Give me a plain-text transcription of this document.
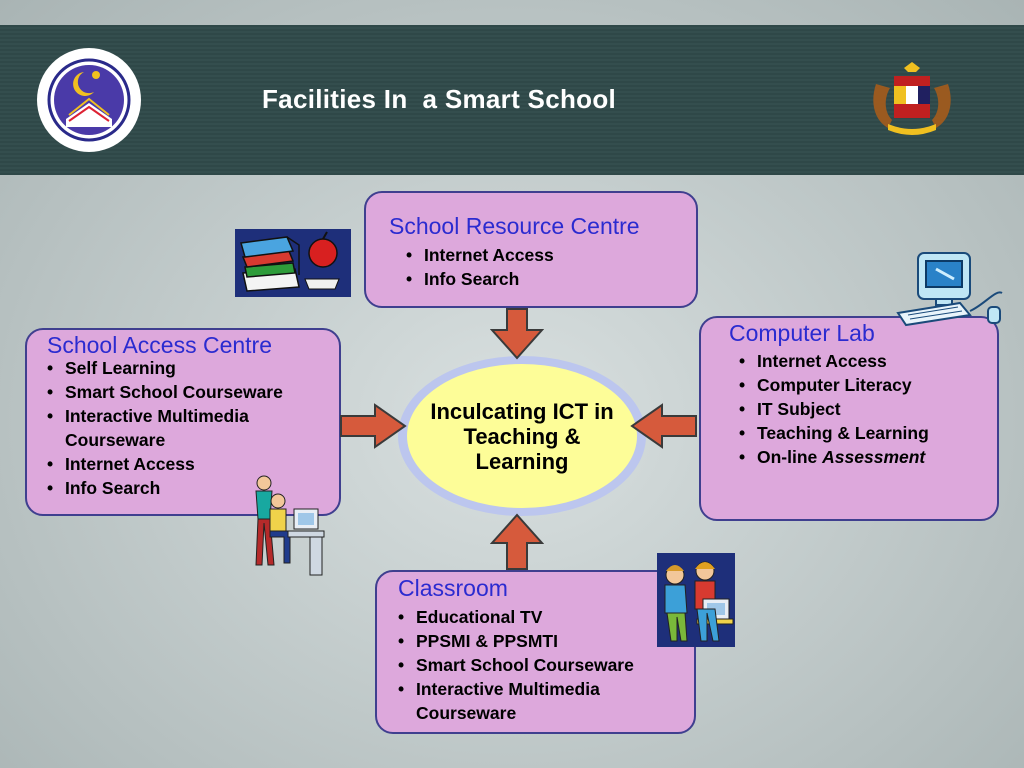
Facilities In  a Smart School
School Resource Centre
• Internet Access
• Info Search
School Access Centre
• Self Learning
• Smart School Courseware
• Interactive Multimedia
Courseware
• Internet Access
• Info Search
Computer Lab
• Internet Access
• Computer Literacy
• IT Subject
• Teaching & Learning
• On-line Assessment
Classroom
• Educational TV
• PPSMI & PPSMTI
• Smart School Courseware
• Interactive Multimedia
Courseware
Inculcating ICT in Teaching & Learning
